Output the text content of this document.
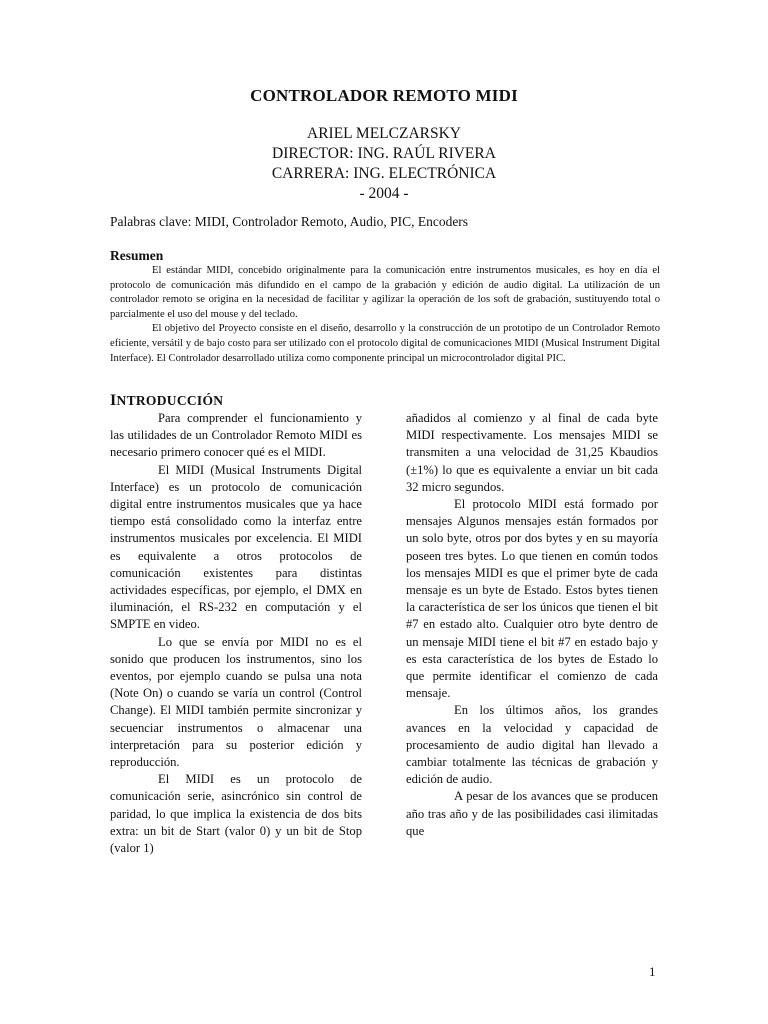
CONTROLADOR REMOTO MIDI
ARIEL MELCZARSKY
DIRECTOR: ING. RAÚL RIVERA
CARRERA: ING. ELECTRÓNICA
- 2004 -
Palabras clave: MIDI, Controlador Remoto, Audio, PIC, Encoders
Resumen

El estándar MIDI, concebido originalmente para la comunicación entre instrumentos musicales, es hoy en día el protocolo de comunicación más difundido en el campo de la grabación y edición de audio digital. La utilización de un controlador remoto se origina en la necesidad de facilitar y agilizar la operación de los soft de grabación, sustituyendo total o parcialmente el uso del mouse y del teclado.

El objetivo del Proyecto consiste en el diseño, desarrollo y la construcción de un prototipo de un Controlador Remoto eficiente, versátil y de bajo costo para ser utilizado con el protocolo digital de comunicaciones MIDI (Musical Instrument Digital Interface). El Controlador desarrollado utiliza como componente principal un microcontrolador digital PIC.

INTRODUCCIÓN

Para comprender el funcionamiento y las utilidades de un Controlador Remoto MIDI es necesario primero conocer qué es el MIDI.

El MIDI (Musical Instruments Digital Interface) es un protocolo de comunicación digital entre instrumentos musicales que ya hace tiempo está consolidado como la interfaz entre instrumentos musicales por excelencia. El MIDI es equivalente a otros protocolos de comunicación existentes para distintas actividades específicas, por ejemplo, el DMX en iluminación, el RS-232 en computación y el SMPTE en video.

Lo que se envía por MIDI no es el sonido que producen los instrumentos, sino los eventos, por ejemplo cuando se pulsa una nota (Note On) o cuando se varía un control (Control Change). El MIDI también permite sincronizar y secuenciar instrumentos o almacenar una interpretación para su posterior edición y reproducción.

El MIDI es un protocolo de comunicación serie, asincrónico sin control de paridad, lo que implica la existencia de dos bits extra: un bit de Start (valor 0) y un bit de Stop (valor 1)

añadidos al comienzo y al final de cada byte MIDI respectivamente. Los mensajes MIDI se transmiten a una velocidad de 31,25 Kbaudios (±1%) lo que es equivalente a enviar un bit cada 32 micro segundos.

El protocolo MIDI está formado por mensajes Algunos mensajes están formados por un solo byte, otros por dos bytes y en su mayoría poseen tres bytes. Lo que tienen en común todos los mensajes MIDI es que el primer byte de cada mensaje es un byte de Estado. Estos bytes tienen la característica de ser los únicos que tienen el bit #7 en estado alto. Cualquier otro byte dentro de un mensaje MIDI tiene el bit #7 en estado bajo y es esta característica de los bytes de Estado lo que permite identificar el comienzo de cada mensaje.

En los últimos años, los grandes avances en la velocidad y capacidad de procesamiento de audio digital han llevado a cambiar totalmente las técnicas de grabación y edición de audio.

A pesar de los avances que se producen año tras año y de las posibilidades casi ilimitadas que

1
